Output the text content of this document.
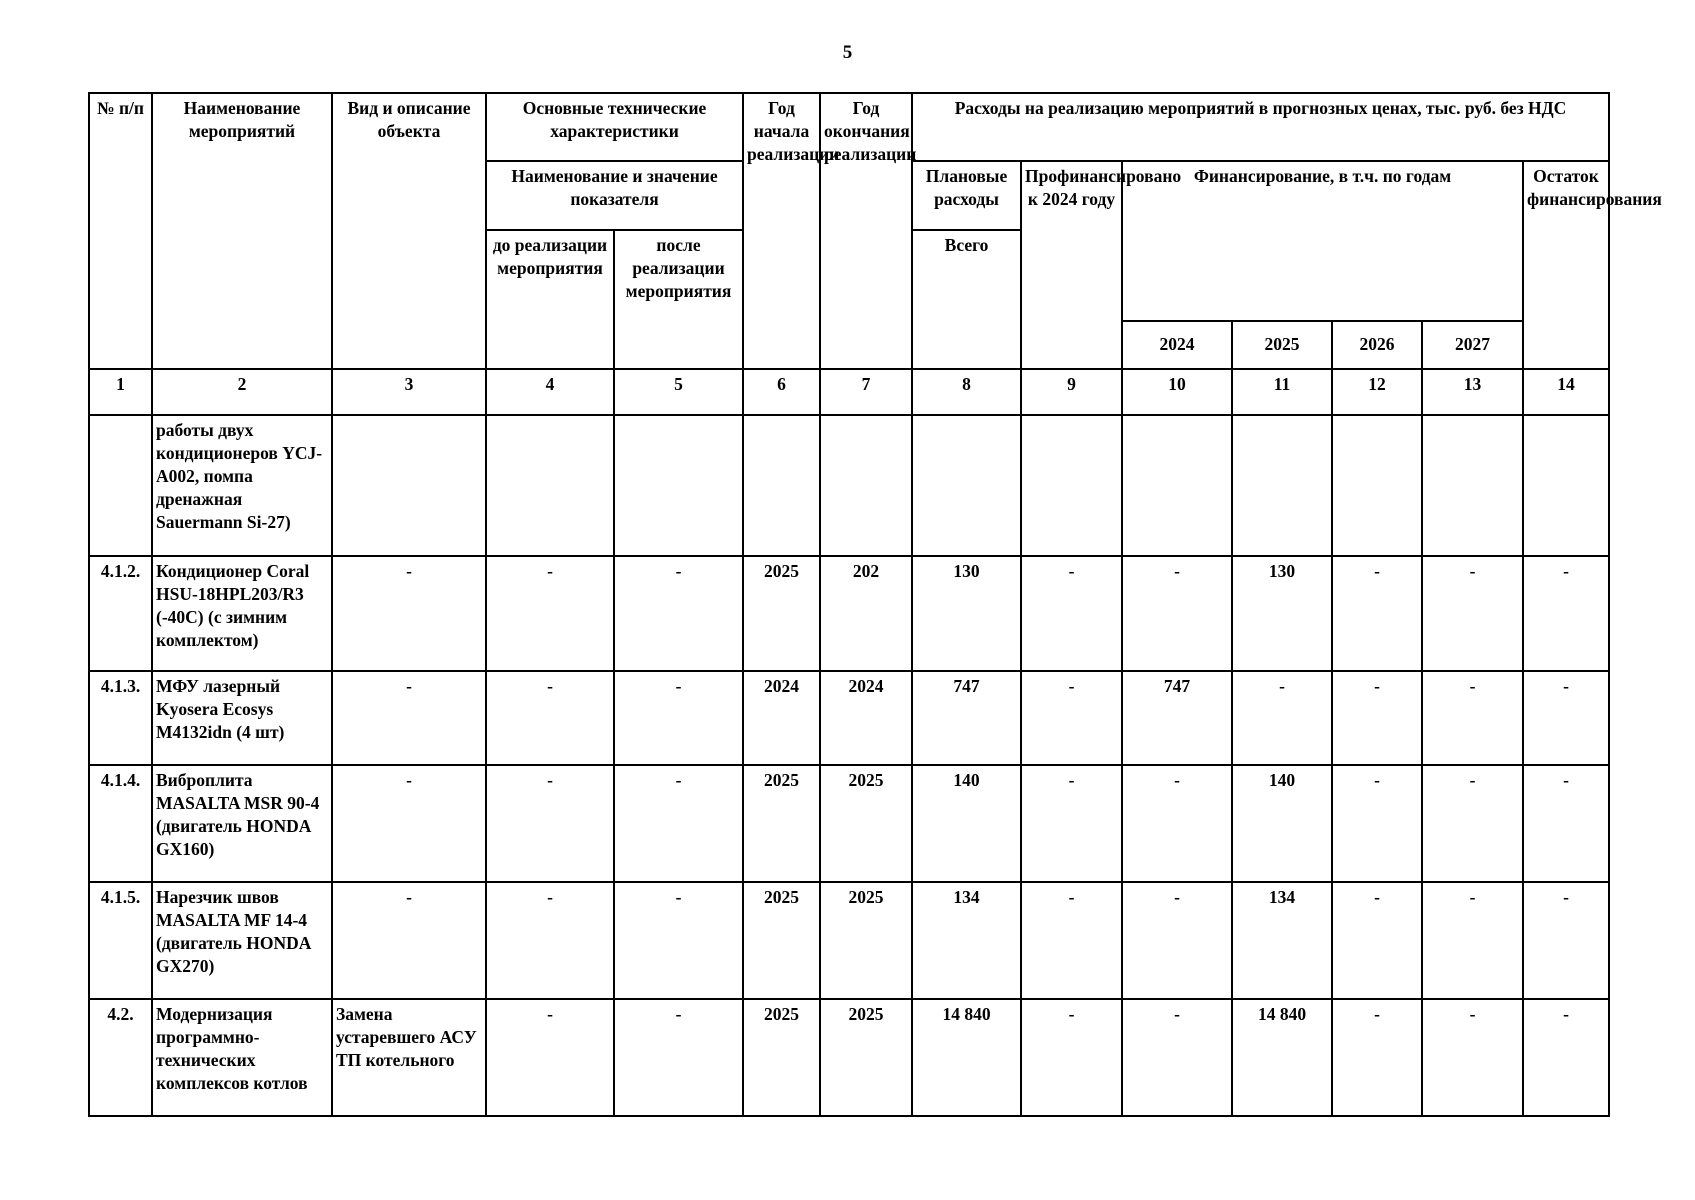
5
№ п/п	Наименование мероприятий	Вид и описание объекта	Основные технические характеристики		Год начала реализации	Год окончания реализации	Расходы на реализацию мероприятий в прогнозных ценах, тыс. руб. без НДС						
			Наименование и значение показателя				Плановые расходы	Профинансировано к 2024 году	Финансирование, в т.ч. по годам				Остаток финансирования
			до реализации мероприятия	после реализации мероприятия			Всего						
									2024	2025	2026	2027	
1	2	3	4	5	6	7	8	9	10	11	12	13	14
	работы двух кондиционеров YCJ-A002, помпа дренажная Sauermann Si-27)												
4.1.2.	Кондиционер Coral HSU-18HPL203/R3 (-40C) (с зимним комплектом)	-	-	-	2025	202	130	-	-	130	-	-	-
4.1.3.	МФУ лазерный Kyosera Ecosys M4132idn (4 шт)	-	-	-	2024	2024	747	-	747	-	-	-	-
4.1.4.	Виброплита MASALTA MSR 90-4 (двигатель HONDA GX160)	-	-	-	2025	2025	140	-	-	140	-	-	-
4.1.5.	Нарезчик швов MASALTA MF 14-4 (двигатель HONDA GX270)	-	-	-	2025	2025	134	-	-	134	-	-	-
4.2.	Модернизация программно-технических комплексов котлов	Замена устаревшего АСУ ТП котельного	-	-	2025	2025	14 840	-	-	14 840	-	-	-
